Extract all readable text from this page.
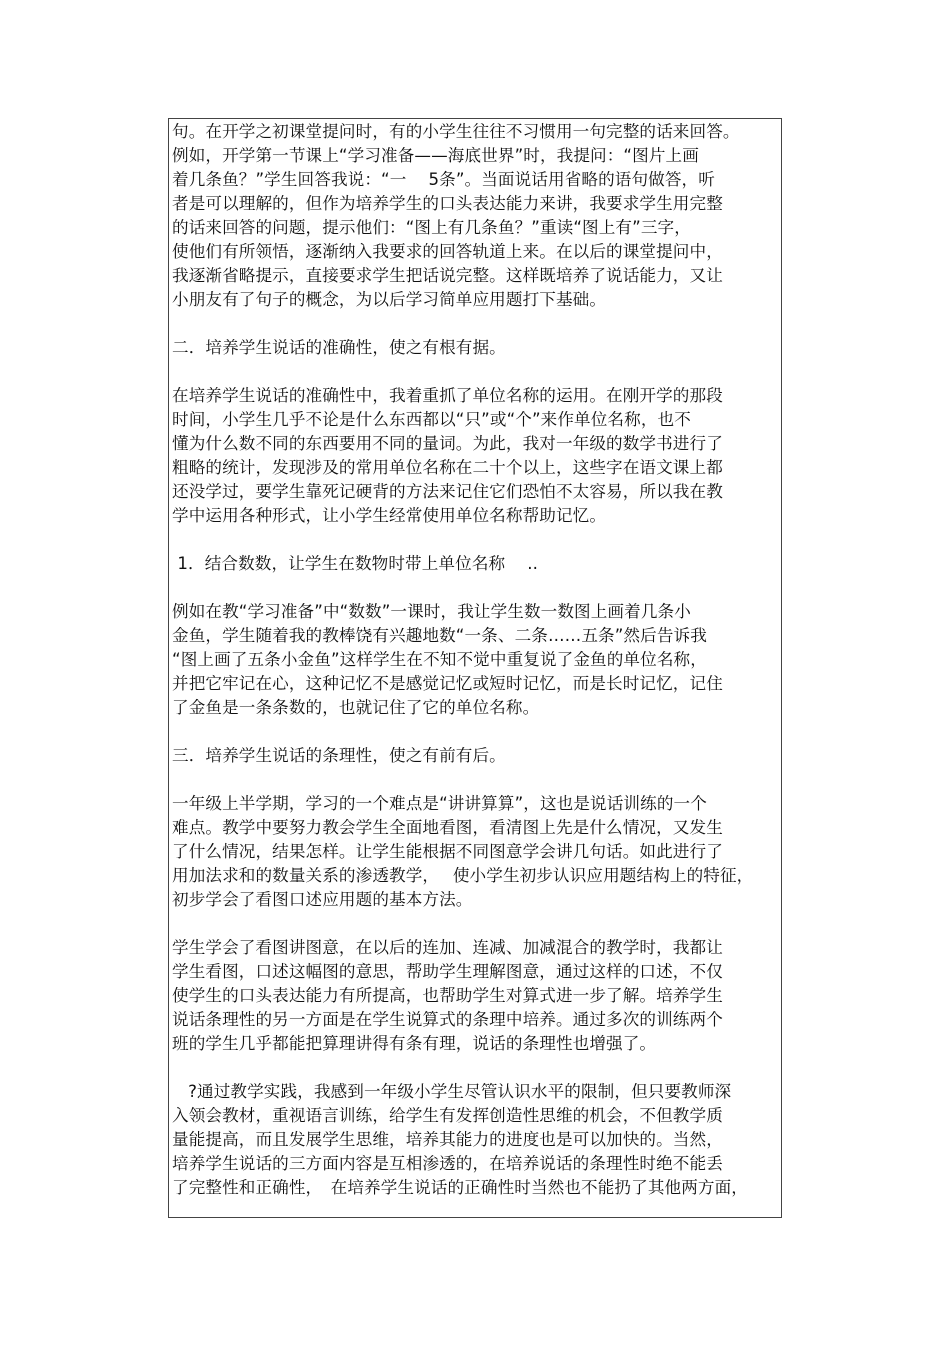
句。在开学之初课堂提问时，有的小学生往往不习惯用一句完整的话来回答。
例如，开学第一节课上“学习准备——海底世界”时，我提问：“图片上画
着几条鱼？”学生回答我说：“一　 5条”。当面说话用省略的语句做答，听
者是可以理解的，但作为培养学生的口头表达能力来讲，我要求学生用完整
的话来回答的问题，提示他们：“图上有几条鱼？”重读“图上有”三字，
使他们有所领悟，逐渐纳入我要求的回答轨道上来。在以后的课堂提问中，
我逐渐省略提示，直接要求学生把话说完整。这样既培养了说话能力，又让
小朋友有了句子的概念，为以后学习简单应用题打下基础。
二．培养学生说话的准确性，使之有根有据。
在培养学生说话的准确性中，我着重抓了单位名称的运用。在刚开学的那段
时间，小学生几乎不论是什么东西都以“只”或“个”来作单位名称，也不
懂为什么数不同的东西要用不同的量词。为此，我对一年级的数学书进行了
粗略的统计，发现涉及的常用单位名称在二十个以上，这些字在语文课上都
还没学过，要学生靠死记硬背的方法来记住它们恐怕不太容易，所以我在教
学中运用各种形式，让小学生经常使用单位名称帮助记忆。
1．结合数数，让学生在数物时带上单位名称　 ..
例如在教“学习准备”中“数数”一课时，我让学生数一数图上画着几条小
金鱼，学生随着我的教棒饶有兴趣地数“一条、二条……五条”然后告诉我
“图上画了五条小金鱼”这样学生在不知不觉中重复说了金鱼的单位名称，
并把它牢记在心，这种记忆不是感觉记忆或短时记忆，而是长时记忆，记住
了金鱼是一条条数的，也就记住了它的单位名称。
三．培养学生说话的条理性，使之有前有后。
一年级上半学期，学习的一个难点是“讲讲算算”，这也是说话训练的一个
难点。教学中要努力教会学生全面地看图，看清图上先是什么情况，又发生
了什么情况，结果怎样。让学生能根据不同图意学会讲几句话。如此进行了
用加法求和的数量关系的渗透教学，　 使小学生初步认识应用题结构上的特征，
初步学会了看图口述应用题的基本方法。
学生学会了看图讲图意，在以后的连加、连减、加减混合的教学时，我都让
学生看图，口述这幅图的意思，帮助学生理解图意，通过这样的口述，不仅
使学生的口头表达能力有所提高，也帮助学生对算式进一步了解。培养学生
说话条理性的另一方面是在学生说算式的条理中培养。通过多次的训练两个
班的学生几乎都能把算理讲得有条有理，说话的条理性也增强了。
?通过教学实践，我感到一年级小学生尽管认识水平的限制，但只要教师深
入领会教材，重视语言训练，给学生有发挥创造性思维的机会，不但教学质
量能提高，而且发展学生思维，培养其能力的进度也是可以加快的。当然，
培养学生说话的三方面内容是互相渗透的，在培养说话的条理性时绝不能丢
了完整性和正确性，　在培养学生说话的正确性时当然也不能扔了其他两方面，
